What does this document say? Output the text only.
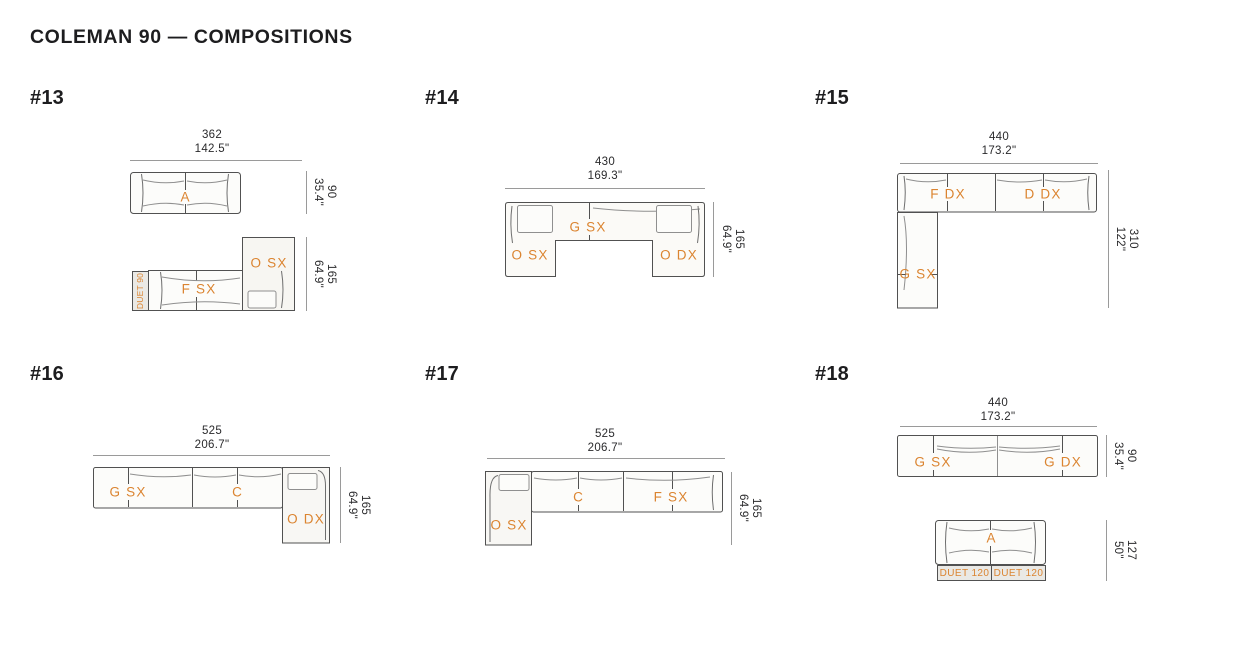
COLEMAN 90 — COMPOSITIONS
#13	#14	#15
#16	#17	#18
362
142.5"
430
169.3"
440
173.2"
525
206.7"
525
206.7"
440
173.2"
90
35.4"
165
64.9"
165
64.9"	310
122"
165
64.9"	165
64.9"
90
35.4"
127
50"
A
F SX
O SX
O SX
G SX
O DX
F DX	D DX
G SX
G SX	C
O DX	O SX
C	F SX
G SX	G DX
A
DUET 90
DUET 120 DUET 120
